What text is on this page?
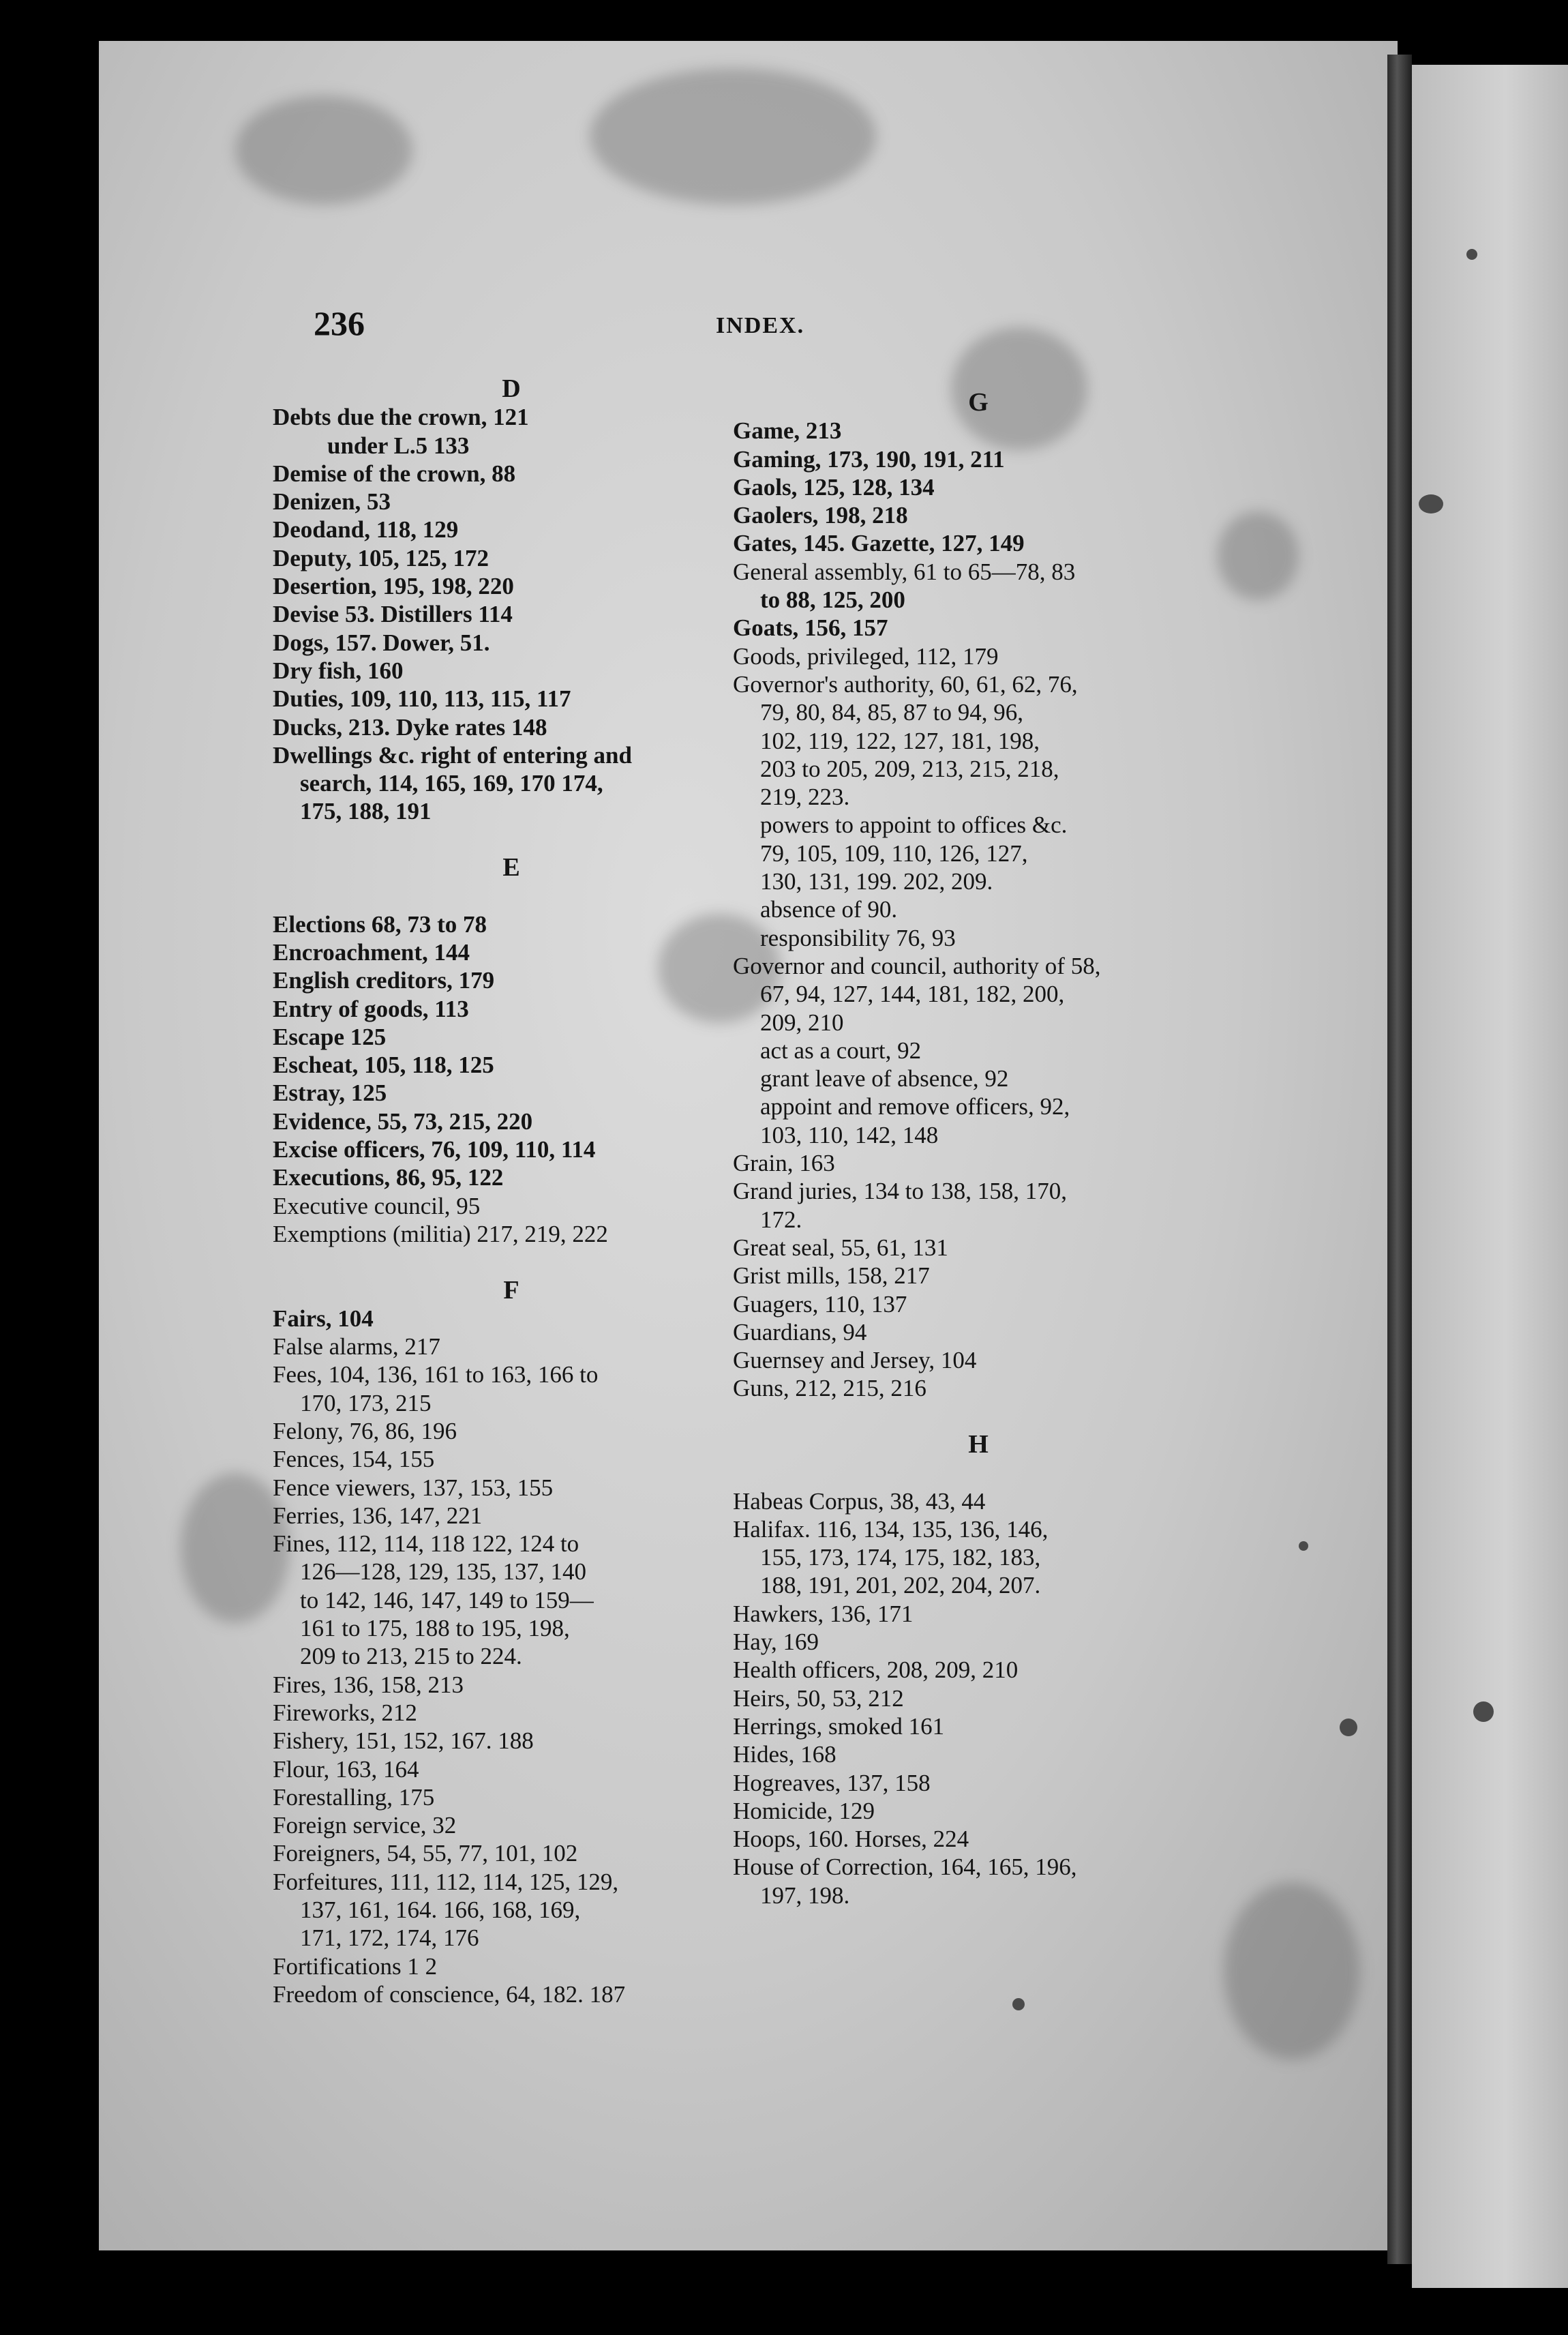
236	INDEX.
D
Debts due the crown, 121
under L.5 133
Demise of the crown, 88
Denizen, 53
Deodand, 118, 129
Deputy, 105, 125, 172
Desertion, 195, 198, 220
Devise 53. Distillers 114
Dogs, 157. Dower, 51.
Dry fish, 160
Duties, 109, 110, 113, 115, 117
Ducks, 213. Dyke rates 148
Dwellings &c. right of entering and
search, 114, 165, 169, 170 174,
175, 188, 191
E
Elections 68, 73 to 78
Encroachment, 144
English creditors, 179
Entry of goods, 113
Escape 125
Escheat, 105, 118, 125
Estray, 125
Evidence, 55, 73, 215, 220
Excise officers, 76, 109, 110, 114
Executions, 86, 95, 122
Executive council, 95
Exemptions (militia) 217, 219, 222
F
Fairs, 104
False alarms, 217
Fees, 104, 136, 161 to 163, 166 to
170, 173, 215
Felony, 76, 86, 196
Fences, 154, 155
Fence viewers, 137, 153, 155
Ferries, 136, 147, 221
Fines, 112, 114, 118 122, 124 to
126—128, 129, 135, 137, 140
to 142, 146, 147, 149 to 159—
161 to 175, 188 to 195, 198,
209 to 213, 215 to 224.
Fires, 136, 158, 213
Fireworks, 212
Fishery, 151, 152, 167. 188
Flour, 163, 164
Forestalling, 175
Foreign service, 32
Foreigners, 54, 55, 77, 101, 102
Forfeitures, 111, 112, 114, 125, 129,
137, 161, 164. 166, 168, 169,
171, 172, 174, 176
Fortifications 1 2
Freedom of conscience, 64, 182. 187
G
Game, 213
Gaming, 173, 190, 191, 211
Gaols, 125, 128, 134
Gaolers, 198, 218
Gates, 145. Gazette, 127, 149
General assembly, 61 to 65—78, 83
to 88, 125, 200
Goats, 156, 157
Goods, privileged, 112, 179
Governor's authority, 60, 61, 62, 76,
79, 80, 84, 85, 87 to 94, 96,
102, 119, 122, 127, 181, 198,
203 to 205, 209, 213, 215, 218,
219, 223.
powers to appoint to offices &c.
79, 105, 109, 110, 126, 127,
130, 131, 199. 202, 209.
absence of 90.
responsibility 76, 93
Governor and council, authority of 58,
67, 94, 127, 144, 181, 182, 200,
209, 210
act as a court, 92
grant leave of absence, 92
appoint and remove officers, 92,
103, 110, 142, 148
Grain, 163
Grand juries, 134 to 138, 158, 170,
172.
Great seal, 55, 61, 131
Grist mills, 158, 217
Guagers, 110, 137
Guardians, 94
Guernsey and Jersey, 104
Guns, 212, 215, 216
H
Habeas Corpus, 38, 43, 44
Halifax. 116, 134, 135, 136, 146,
155, 173, 174, 175, 182, 183,
188, 191, 201, 202, 204, 207.
Hawkers, 136, 171
Hay, 169
Health officers, 208, 209, 210
Heirs, 50, 53, 212
Herrings, smoked 161
Hides, 168
Hogreaves, 137, 158
Homicide, 129
Hoops, 160. Horses, 224
House of Correction, 164, 165, 196,
197, 198.
